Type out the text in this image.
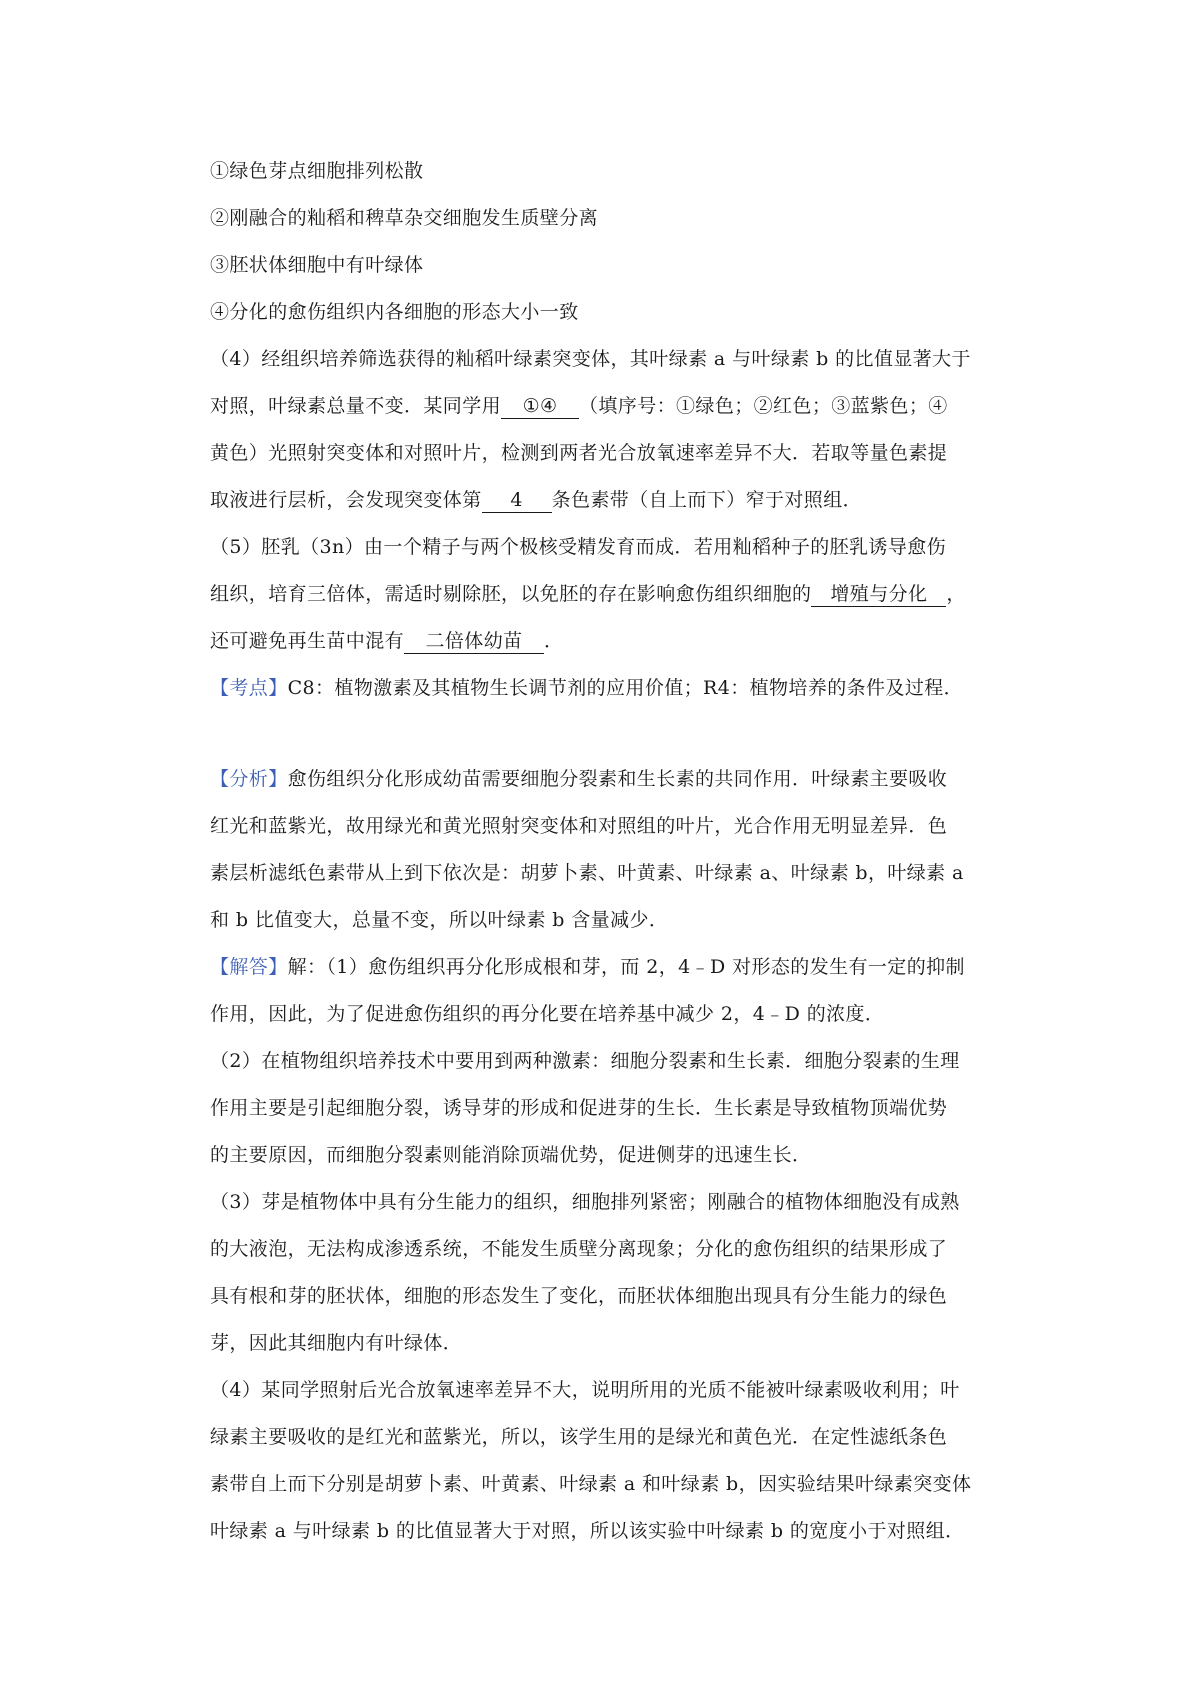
①绿色芽点细胞排列松散
②刚融合的籼稻和稗草杂交细胞发生质壁分离
③胚状体细胞中有叶绿体
④分化的愈伤组织内各细胞的形态大小一致
（4）经组织培养筛选获得的籼稻叶绿素突变体，其叶绿素 a 与叶绿素 b 的比值显著大于
对照，叶绿素总量不变．某同学用 ①④ （填序号：①绿色；②红色；③蓝紫色；④
黄色）光照射突变体和对照叶片，检测到两者光合放氧速率差异不大．若取等量色素提
取液进行层析，会发现突变体第 4 条色素带（自上而下）窄于对照组．
（5）胚乳（3n）由一个精子与两个极核受精发育而成．若用籼稻种子的胚乳诱导愈伤
组织，培育三倍体，需适时剔除胚，以免胚的存在影响愈伤组织细胞的 增殖与分化 ，
还可避免再生苗中混有 二倍体幼苗 ．
【考点】C8：植物激素及其植物生长调节剂的应用价值；R4：植物培养的条件及过程．
【分析】愈伤组织分化形成幼苗需要细胞分裂素和生长素的共同作用．叶绿素主要吸收
红光和蓝紫光，故用绿光和黄光照射突变体和对照组的叶片，光合作用无明显差异．色
素层析滤纸色素带从上到下依次是：胡萝卜素、叶黄素、叶绿素 a、叶绿素 b，叶绿素 a
和 b 比值变大，总量不变，所以叶绿素 b 含量减少．
【解答】解：（1）愈伤组织再分化形成根和芽，而 2，4﹣D 对形态的发生有一定的抑制
作用，因此，为了促进愈伤组织的再分化要在培养基中减少 2，4﹣D 的浓度．
（2）在植物组织培养技术中要用到两种激素：细胞分裂素和生长素．细胞分裂素的生理
作用主要是引起细胞分裂，诱导芽的形成和促进芽的生长．生长素是导致植物顶端优势
的主要原因，而细胞分裂素则能消除顶端优势，促进侧芽的迅速生长．
（3）芽是植物体中具有分生能力的组织，细胞排列紧密；刚融合的植物体细胞没有成熟
的大液泡，无法构成渗透系统，不能发生质壁分离现象；分化的愈伤组织的结果形成了
具有根和芽的胚状体，细胞的形态发生了变化，而胚状体细胞出现具有分生能力的绿色
芽，因此其细胞内有叶绿体．
（4）某同学照射后光合放氧速率差异不大，说明所用的光质不能被叶绿素吸收利用；叶
绿素主要吸收的是红光和蓝紫光，所以，该学生用的是绿光和黄色光．在定性滤纸条色
素带自上而下分别是胡萝卜素、叶黄素、叶绿素 a 和叶绿素 b，因实验结果叶绿素突变体
叶绿素 a 与叶绿素 b 的比值显著大于对照，所以该实验中叶绿素 b 的宽度小于对照组．
